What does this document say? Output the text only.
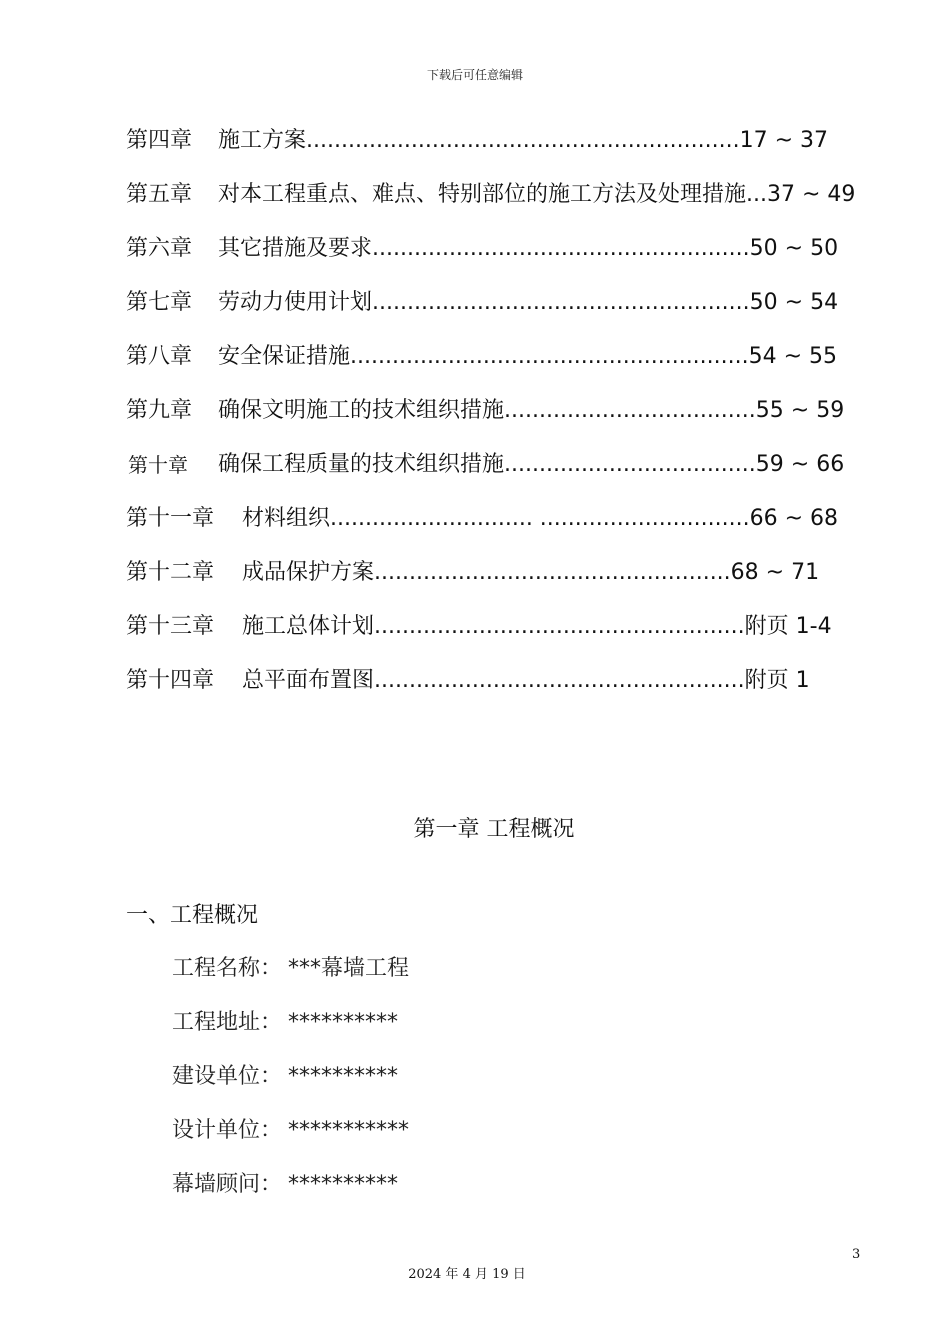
下载后可任意编辑
第四章 施工方案..............................................................17 ~ 37
第五章 对本工程重点、难点、特别部位的施工方法及处理措施...37 ~ 49
第六章 其它措施及要求......................................................50 ~ 50
第七章 劳动力使用计划......................................................50 ~ 54
第八章 安全保证措施.........................................................54 ~ 55
第九章 确保文明施工的技术组织措施....................................55 ~ 59
第十章 确保工程质量的技术组织措施....................................59 ~ 66
第十一章 材料组织............................. ..............................66 ~ 68
第十二章 成品保护方案...................................................68 ~ 71
第十三章 施工总体计划.....................................................附页 1-4
第十四章 总平面布置图.....................................................附页 1
第一章 工程概况
一、工程概况
工程名称： ***幕墙工程
工程地址： **********
建设单位： **********
设计单位： ***********
幕墙顾问： **********
3
2024 年 4 月 19 日
